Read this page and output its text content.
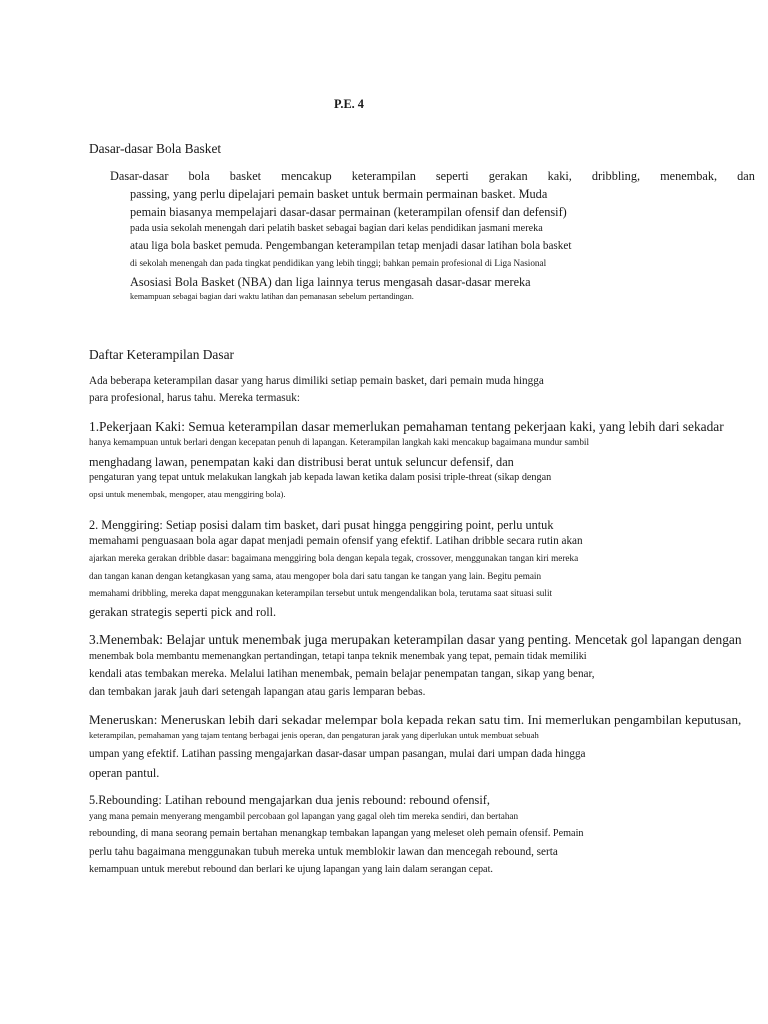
P.E. 4
Dasar-dasar Bola Basket
Dasar-dasar bola basket mencakup keterampilan seperti gerakan kaki, dribbling, menembak, dan
passing, yang perlu dipelajari pemain basket untuk bermain permainan basket. Muda
pemain biasanya mempelajari dasar-dasar permainan (keterampilan ofensif dan defensif)
pada usia sekolah menengah dari pelatih basket sebagai bagian dari kelas pendidikan jasmani mereka
atau liga bola basket pemuda. Pengembangan keterampilan tetap menjadi dasar latihan bola basket
di sekolah menengah dan pada tingkat pendidikan yang lebih tinggi; bahkan pemain profesional di Liga Nasional
Asosiasi Bola Basket (NBA) dan liga lainnya terus mengasah dasar-dasar mereka
kemampuan sebagai bagian dari waktu latihan dan pemanasan sebelum pertandingan.
Daftar Keterampilan Dasar
Ada beberapa keterampilan dasar yang harus dimiliki setiap pemain basket, dari pemain muda hingga
para profesional, harus tahu. Mereka termasuk:
1.Pekerjaan Kaki: Semua keterampilan dasar memerlukan pemahaman tentang pekerjaan kaki, yang lebih dari sekadar
hanya kemampuan untuk berlari dengan kecepatan penuh di lapangan. Keterampilan langkah kaki mencakup bagaimana mundur sambil
menghadang lawan, penempatan kaki dan distribusi berat untuk seluncur defensif, dan
pengaturan yang tepat untuk melakukan langkah jab kepada lawan ketika dalam posisi triple-threat (sikap dengan
opsi untuk menembak, mengoper, atau menggiring bola).
2. Menggiring: Setiap posisi dalam tim basket, dari pusat hingga penggiring point, perlu untuk
memahami penguasaan bola agar dapat menjadi pemain ofensif yang efektif. Latihan dribble secara rutin akan
ajarkan mereka gerakan dribble dasar: bagaimana menggiring bola dengan kepala tegak, crossover, menggunakan tangan kiri mereka
dan tangan kanan dengan ketangkasan yang sama, atau mengoper bola dari satu tangan ke tangan yang lain. Begitu pemain
memahami dribbling, mereka dapat menggunakan keterampilan tersebut untuk mengendalikan bola, terutama saat situasi sulit
gerakan strategis seperti pick and roll.
3.Menembak: Belajar untuk menembak juga merupakan keterampilan dasar yang penting. Mencetak gol lapangan dengan
menembak bola membantu memenangkan pertandingan, tetapi tanpa teknik menembak yang tepat, pemain tidak memiliki
kendali atas tembakan mereka. Melalui latihan menembak, pemain belajar penempatan tangan, sikap yang benar,
dan tembakan jarak jauh dari setengah lapangan atau garis lemparan bebas.
Meneruskan: Meneruskan lebih dari sekadar melempar bola kepada rekan satu tim. Ini memerlukan pengambilan keputusan,
keterampilan, pemahaman yang tajam tentang berbagai jenis operan, dan pengaturan jarak yang diperlukan untuk membuat sebuah
umpan yang efektif. Latihan passing mengajarkan dasar-dasar umpan pasangan, mulai dari umpan dada hingga
operan pantul.
5.Rebounding: Latihan rebound mengajarkan dua jenis rebound: rebound ofensif,
yang mana pemain menyerang mengambil percobaan gol lapangan yang gagal oleh tim mereka sendiri, dan bertahan
rebounding, di mana seorang pemain bertahan menangkap tembakan lapangan yang meleset oleh pemain ofensif. Pemain
perlu tahu bagaimana menggunakan tubuh mereka untuk memblokir lawan dan mencegah rebound, serta
kemampuan untuk merebut rebound dan berlari ke ujung lapangan yang lain dalam serangan cepat.
